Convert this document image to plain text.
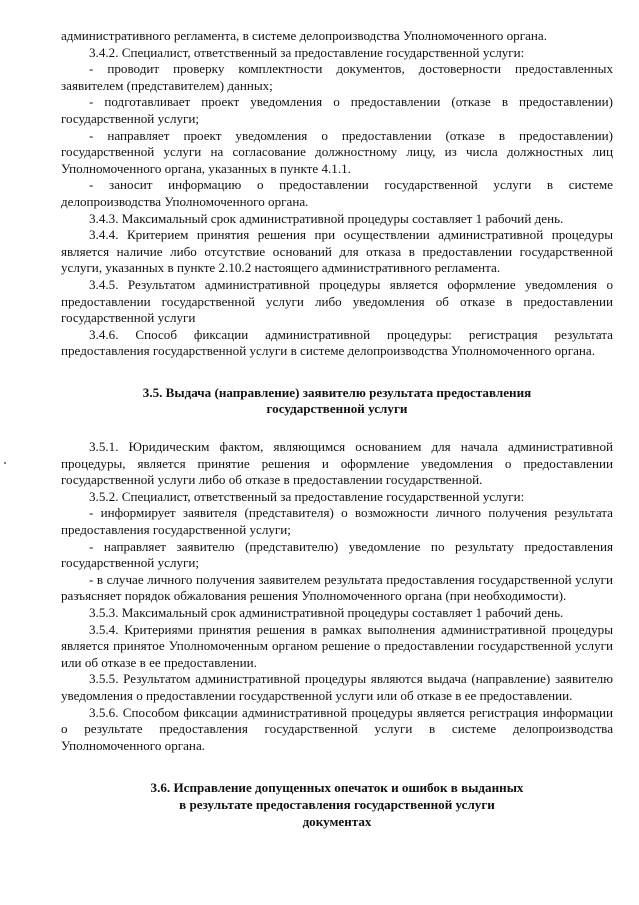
административного регламента, в системе делопроизводства Уполномоченного органа.

3.4.2. Специалист, ответственный за предоставление государственной услуги:

- проводит проверку комплектности документов, достоверности предоставленных заявителем (представителем) данных;

- подготавливает проект уведомления о предоставлении (отказе в предоставлении) государственной услуги;

- направляет проект уведомления о предоставлении (отказе в предоставлении) государственной услуги на согласование должностному лицу, из числа должностных лиц Уполномоченного органа, указанных в пункте 4.1.1.

- заносит информацию о предоставлении государственной услуги в системе делопроизводства Уполномоченного органа.

3.4.3. Максимальный срок административной процедуры составляет 1 рабочий день.

3.4.4. Критерием принятия решения при осуществлении административной процедуры является наличие либо отсутствие оснований для отказа в предоставлении государственной услуги, указанных в пункте 2.10.2 настоящего административного регламента.

3.4.5. Результатом административной процедуры является оформление уведомления о предоставлении государственной услуги либо уведомления об отказе в предоставлении государственной услуги

3.4.6. Способ фиксации административной процедуры: регистрация результата предоставления государственной услуги в системе делопроизводства Уполномоченного органа.

3.5. Выдача (направление) заявителю результата предоставления

государственной услуги

3.5.1. Юридическим фактом, являющимся основанием для начала административной процедуры, является принятие решения и оформление уведомления о предоставлении государственной услуги либо об отказе в предоставлении государственной.

3.5.2. Специалист, ответственный за предоставление государственной услуги:

- информирует заявителя (представителя) о возможности личного получения результата предоставления государственной услуги;

- направляет заявителю (представителю) уведомление по результату предоставления государственной услуги;

- в случае личного получения заявителем результата предоставления государственной услуги разъясняет порядок обжалования решения Уполномоченного органа (при необходимости).

3.5.3. Максимальный срок административной процедуры составляет 1 рабочий день.

3.5.4. Критериями принятия решения в рамках выполнения административной процедуры является принятое Уполномоченным органом решение о предоставлении государственной услуги или об отказе в ее предоставлении.

3.5.5. Результатом административной процедуры являются выдача (направление) заявителю уведомления о предоставлении государственной услуги или об отказе в ее предоставлении.

3.5.6. Способом фиксации административной процедуры является регистрация информации о результате предоставления государственной услуги в системе делопроизводства Уполномоченного органа.

3.6. Исправление допущенных опечаток и ошибок в выданных

в результате предоставления государственной услуги

документах
